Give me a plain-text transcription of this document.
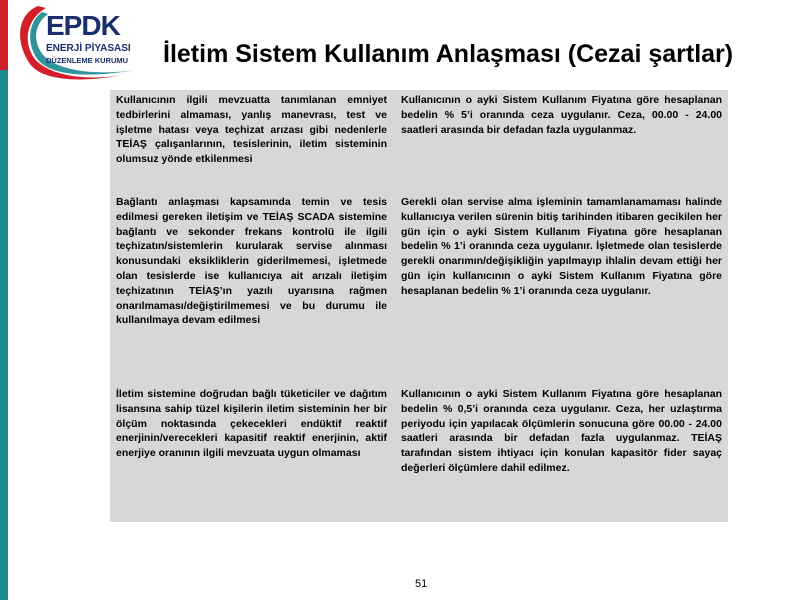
EPDK
ENERJİ PİYASASI
DÜZENLEME KURUMU İletim Sistem Kullanım Anlaşması (Cezai şartlar)
Kullanıcının ilgili mevzuatta tanımlanan emniyet tedbirlerini almaması, yanlış manevrası, test ve işletme hatası veya teçhizat arızası gibi nedenlerle TEİAŞ çalışanlarının, tesislerinin, iletim sisteminin olumsuz yönde etkilenmesi
Kullanıcının o ayki Sistem Kullanım Fiyatına göre hesaplanan bedelin % 5’i oranında ceza uygulanır. Ceza, 00.00 - 24.00 saatleri arasında bir defadan fazla uygulanmaz.
Bağlantı anlaşması kapsamında temin ve tesis edilmesi gereken iletişim ve TEİAŞ SCADA sistemine bağlantı ve sekonder frekans kontrolü ile ilgili teçhizatın/sistemlerin kurularak servise alınması konusundaki eksikliklerin giderilmemesi, işletmede olan tesislerde ise kullanıcıya ait arızalı iletişim teçhizatının TEİAŞ’ın yazılı uyarısına rağmen onarılmaması/değiştirilmemesi ve bu durumu ile kullanılmaya devam edilmesi
Gerekli olan servise alma işleminin tamamlanamaması halinde kullanıcıya verilen sürenin bitiş tarihinden itibaren gecikilen her gün için o ayki Sistem Kullanım Fiyatına göre hesaplanan bedelin % 1’i oranında ceza uygulanır. İşletmede olan tesislerde gerekli onarımın/değişikliğin yapılmayıp ihlalin devam ettiği her gün için kullanıcının o ayki Sistem Kullanım Fiyatına göre hesaplanan bedelin % 1’i oranında ceza uygulanır.
İletim sistemine doğrudan bağlı tüketiciler ve dağıtım lisansına sahip tüzel kişilerin iletim sisteminin her bir ölçüm noktasında çekecekleri endüktif reaktif enerjinin/verecekleri kapasitif reaktif enerjinin, aktif enerjiye oranının ilgili mevzuata uygun olmaması
Kullanıcının o ayki Sistem Kullanım Fiyatına göre hesaplanan bedelin % 0,5’i oranında ceza uygulanır. Ceza, her uzlaştırma periyodu için yapılacak ölçümlerin sonucuna göre 00.00 - 24.00 saatleri arasında bir defadan fazla uygulanmaz. TEİAŞ tarafından sistem ihtiyacı için konulan kapasitör fider sayaç değerleri ölçümlere dahil edilmez.
51
